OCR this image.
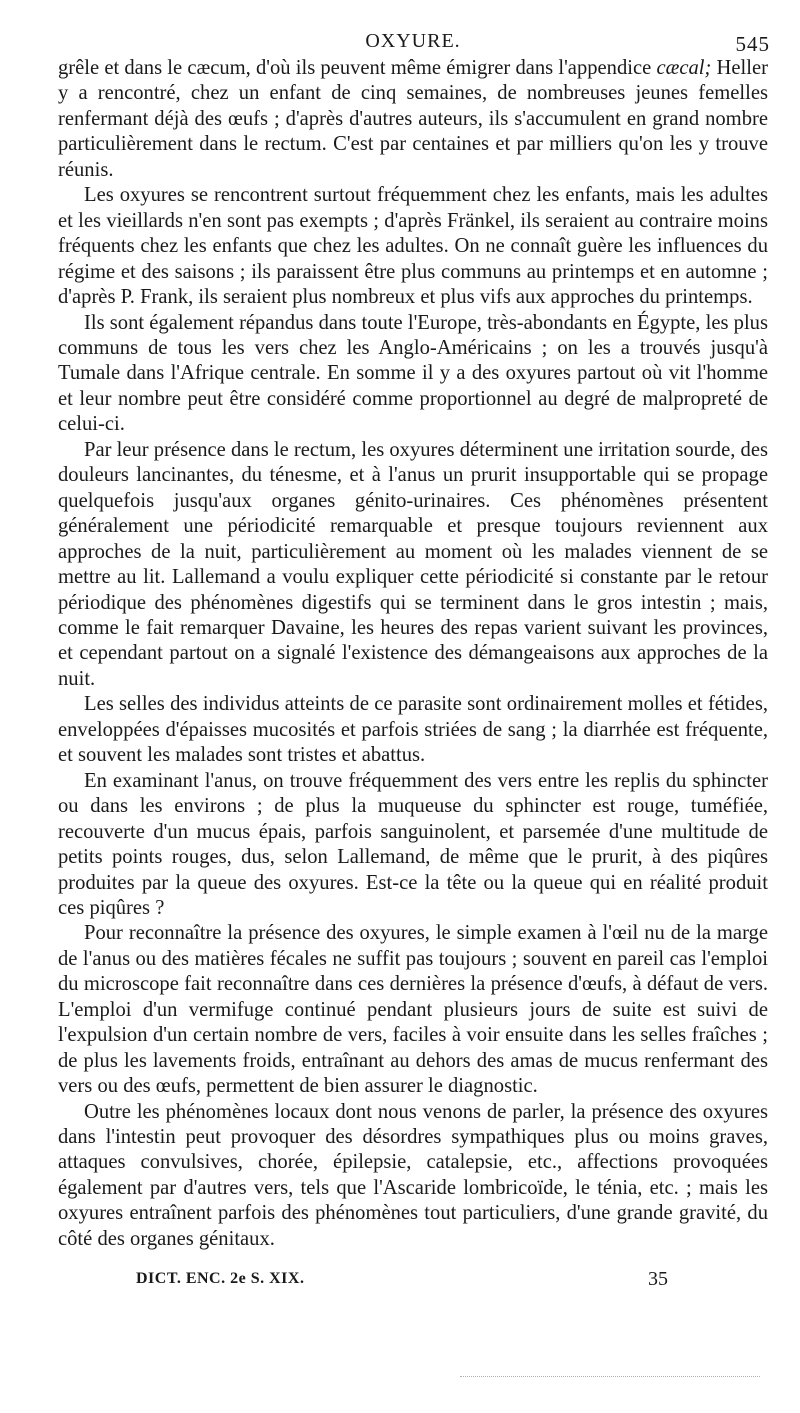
OXYURE.	545

grêle et dans le cæcum, d'où ils peuvent même émigrer dans l'appendice cæcal; Heller y a rencontré, chez un enfant de cinq semaines, de nombreuses jeunes femelles renfermant déjà des œufs ; d'après d'autres auteurs, ils s'accumulent en grand nombre particulièrement dans le rectum. C'est par centaines et par milliers qu'on les y trouve réunis.

Les oxyures se rencontrent surtout fréquemment chez les enfants, mais les adultes et les vieillards n'en sont pas exempts ; d'après Fränkel, ils seraient au contraire moins fréquents chez les enfants que chez les adultes. On ne connaît guère les influences du régime et des saisons ; ils paraissent être plus communs au printemps et en automne ; d'après P. Frank, ils seraient plus nombreux et plus vifs aux approches du printemps.

Ils sont également répandus dans toute l'Europe, très-abondants en Égypte, les plus communs de tous les vers chez les Anglo-Américains ; on les a trouvés jusqu'à Tumale dans l'Afrique centrale. En somme il y a des oxyures partout où vit l'homme et leur nombre peut être considéré comme proportionnel au degré de malpropreté de celui-ci.

Par leur présence dans le rectum, les oxyures déterminent une irritation sourde, des douleurs lancinantes, du ténesme, et à l'anus un prurit insupportable qui se propage quelquefois jusqu'aux organes génito-urinaires. Ces phénomènes présentent généralement une périodicité remarquable et presque toujours reviennent aux approches de la nuit, particulièrement au moment où les malades viennent de se mettre au lit. Lallemand a voulu expliquer cette périodicité si constante par le retour périodique des phénomènes digestifs qui se terminent dans le gros intestin ; mais, comme le fait remarquer Davaine, les heures des repas varient suivant les provinces, et cependant partout on a signalé l'existence des démangeaisons aux approches de la nuit.

Les selles des individus atteints de ce parasite sont ordinairement molles et fétides, enveloppées d'épaisses mucosités et parfois striées de sang ; la diarrhée est fréquente, et souvent les malades sont tristes et abattus.

En examinant l'anus, on trouve fréquemment des vers entre les replis du sphincter ou dans les environs ; de plus la muqueuse du sphincter est rouge, tuméfiée, recouverte d'un mucus épais, parfois sanguinolent, et parsemée d'une multitude de petits points rouges, dus, selon Lallemand, de même que le prurit, à des piqûres produites par la queue des oxyures. Est-ce la tête ou la queue qui en réalité produit ces piqûres ?

Pour reconnaître la présence des oxyures, le simple examen à l'œil nu de la marge de l'anus ou des matières fécales ne suffit pas toujours ; souvent en pareil cas l'emploi du microscope fait reconnaître dans ces dernières la présence d'œufs, à défaut de vers. L'emploi d'un vermifuge continué pendant plusieurs jours de suite est suivi de l'expulsion d'un certain nombre de vers, faciles à voir ensuite dans les selles fraîches ; de plus les lavements froids, entraînant au dehors des amas de mucus renfermant des vers ou des œufs, permettent de bien assurer le diagnostic.

Outre les phénomènes locaux dont nous venons de parler, la présence des oxyures dans l'intestin peut provoquer des désordres sympathiques plus ou moins graves, attaques convulsives, chorée, épilepsie, catalepsie, etc., affections provoquées également par d'autres vers, tels que l'Ascaride lombricoïde, le ténia, etc. ; mais les oxyures entraînent parfois des phénomènes tout particuliers, d'une grande gravité, du côté des organes génitaux.

DICT. ENC. 2e S. XIX.	35
